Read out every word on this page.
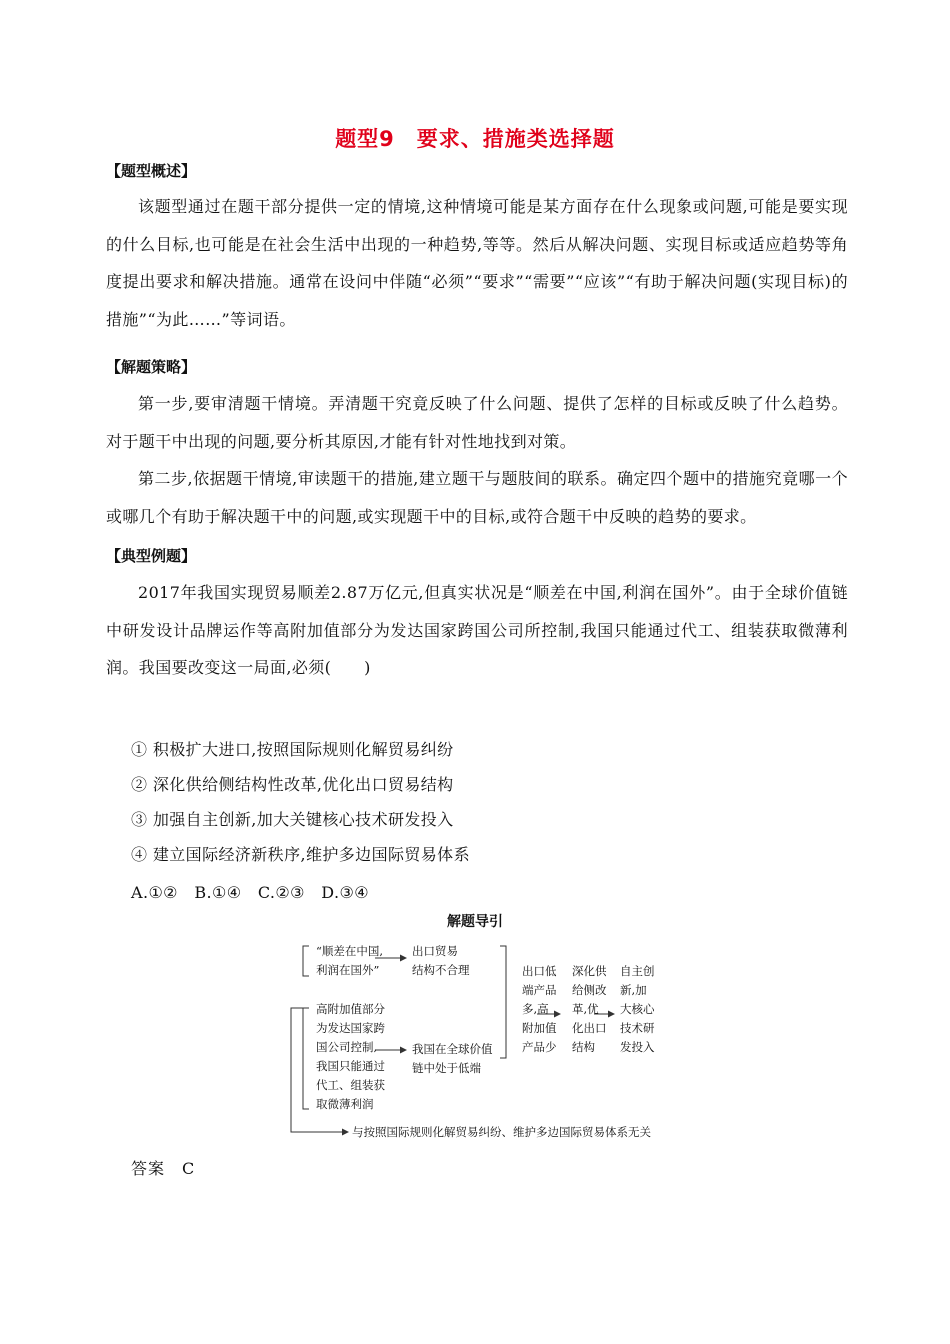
题型9　要求、措施类选择题
【 题型概述 】
该题型通过在题干部分提供一定的情境,这种情境可能是某方面存在什么现象或问题,可能是要实现的什么目标,也可能是在社会生活中出现的一种趋势,等等。然后从解决问题、实现目标或适应趋势等角度提出要求和解决措施。通常在设问中伴随“必须”“要求”“需要”“应该”“有助于解决问题(实现目标)的措施”“为此……”等词语。
【 解题策略 】
第一步,要审清题干情境。弄清题干究竟反映了什么问题、提供了怎样的目标或反映了什么趋势。对于题干中出现的问题,要分析其原因,才能有针对性地找到对策。
第二步,依据题干情境,审读题干的措施,建立题干与题肢间的联系。确定四个题中的措施究竟哪一个或哪几个有助于解决题干中的问题,或实现题干中的目标,或符合题干中反映的趋势的要求。
【 典型例题 】
2017年我国实现贸易顺差2.87万亿元,但真实状况是“顺差在中国,利润在国外”。由于全球价值链中研发设计品牌运作等高附加值部分为发达国家跨国公司所控制,我国只能通过代工、组装获取微薄利润。我国要改变这一局面,必须(　　)
① 积极扩大进口,按照国际规则化解贸易纠纷
② 深化供给侧结构性改革,优化出口贸易结构
③ 加强自主创新,加大关键核心技术研发投入
④ 建立国际经济新秩序,维护多边国际贸易体系
A.①②　B.①④　C.②③　D.③④
解题导引
“顺差在中国,
利润在国外”
高附加值部分
为发达国家跨
国公司控制,
我国只能通过
代工、组装获
取微薄利润
出口贸易
结构不合理
我国在全球价值
链中处于低端
出口低
端产品
多,高
附加值
产品少
深化供
给侧改
革,优
化出口
结构
自主创
新,加
大核心
技术研
发投入
与按照国际规则化解贸易纠纷、维护多边国际贸易体系无关
答案　C
